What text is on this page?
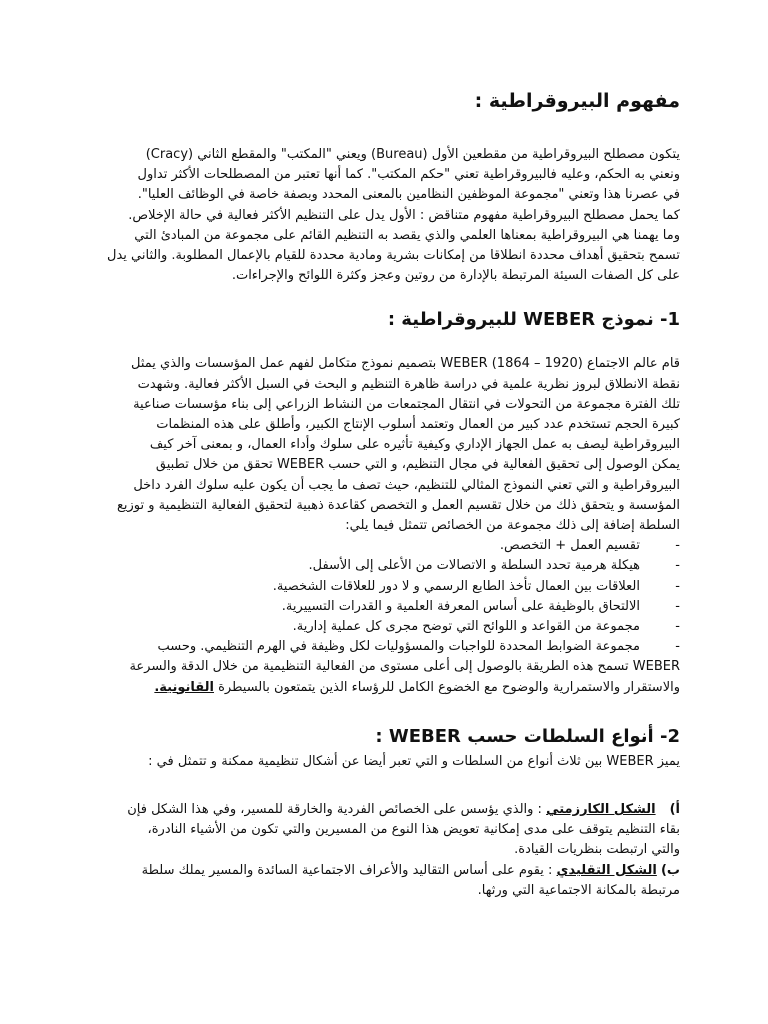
مفهوم البيروقراطية :

يتكون مصطلح البيروقراطية من مقطعين الأول (Bureau) ويعني "المكتب" والمقطع الثاني (Cracy)
ونعني به الحكم، وعليه فالبيروقراطية تعني "حكم المكتب". كما أنها تعتبر من المصطلحات الأكثر تداول
في عصرنا هذا وتعني "مجموعة الموظفين النظامين بالمعنى المحدد وبصفة خاصة في الوظائف العليا".
كما يحمل مصطلح البيروقراطية مفهوم متناقض : الأول يدل على التنظيم الأكثر فعالية في حالة الإخلاص.
وما يهمنا هي البيروقراطية بمعناها العلمي والذي يقصد به التنظيم القائم على مجموعة من المبادئ التي
تسمح بتحقيق أهداف محددة انطلاقا من إمكانات بشرية ومادية محددة للقيام بالإعمال المطلوبة. والثاني يدل
على كل الصفات السيئة المرتبطة بالإدارة من روتين وعجز وكثرة اللوائح والإجراءات.

1- نموذج WEBER للبيروقراطية :

قام عالم الاجتماع WEBER (1864 – 1920) بتصميم نموذج متكامل لفهم عمل المؤسسات والذي يمثل
نقطة الانطلاق لبروز نظرية علمية في دراسة ظاهرة التنظيم و البحث في السبل الأكثر فعالية. وشهدت
تلك الفترة مجموعة من التحولات في انتقال المجتمعات من النشاط الزراعي إلى بناء مؤسسات صناعية
كبيرة الحجم تستخدم عدد كبير من العمال وتعتمد أسلوب الإنتاج الكبير، وأطلق على هذه المنظمات
البيروقراطية ليصف به عمل الجهاز الإداري وكيفية تأثيره على سلوك وأداء العمال، و بمعنى آخر كيف
يمكن الوصول إلى تحقيق الفعالية في مجال التنظيم، و التي حسب WEBER تحقق من خلال تطبيق
البيروقراطية و التي تعني النموذج المثالي للتنظيم، حيث تصف ما يجب أن يكون عليه سلوك الفرد داخل
المؤسسة و يتحقق ذلك من خلال تقسيم العمل و التخصص كقاعدة ذهبية لتحقيق الفعالية التنظيمية و توزيع
السلطة إضافة إلى ذلك مجموعة من الخصائص تتمثل فيما يلي:

- تقسيم العمل + التخصص.
- هيكلة هرمية تحدد السلطة و الاتصالات من الأعلى إلى الأسفل.
- العلاقات بين العمال تأخذ الطابع الرسمي و لا دور للعلاقات الشخصية.
- الالتحاق بالوظيفة على أساس المعرفة العلمية و القدرات التسييرية.
- مجموعة من القواعد و اللوائح التي توضح مجرى كل عملية إدارية.
- مجموعة الضوابط المحددة للواجبات والمسؤوليات لكل وظيفة في الهرم التنظيمي. وحسب

WEBER تسمح هذه الطريقة بالوصول إلى أعلى مستوى من الفعالية التنظيمية من خلال الدقة والسرعة
والاستقرار والاستمرارية والوضوح مع الخضوع الكامل للرؤساء الذين يتمتعون بالسيطرة القانونية.

2- أنواع السلطات حسب WEBER :

يميز WEBER بين ثلاث أنواع من السلطات و التي تعبر أيضا عن أشكال تنظيمية ممكنة و تتمثل في :

أ)الشكل الكارزمتي : والذي يؤسس على الخصائص الفردية والخارقة للمسير، وفي هذا الشكل فإن
بقاء التنظيم يتوقف على مدى إمكانية تعويض هذا النوع من المسيرين والتي تكون من الأشياء النادرة،
والتي ارتبطت بنظريات القيادة.

ب) الشكل التقليدي : يقوم على أساس التقاليد والأعراف الاجتماعية السائدة والمسير يملك سلطة
مرتبطة بالمكانة الاجتماعية التي ورثها.
